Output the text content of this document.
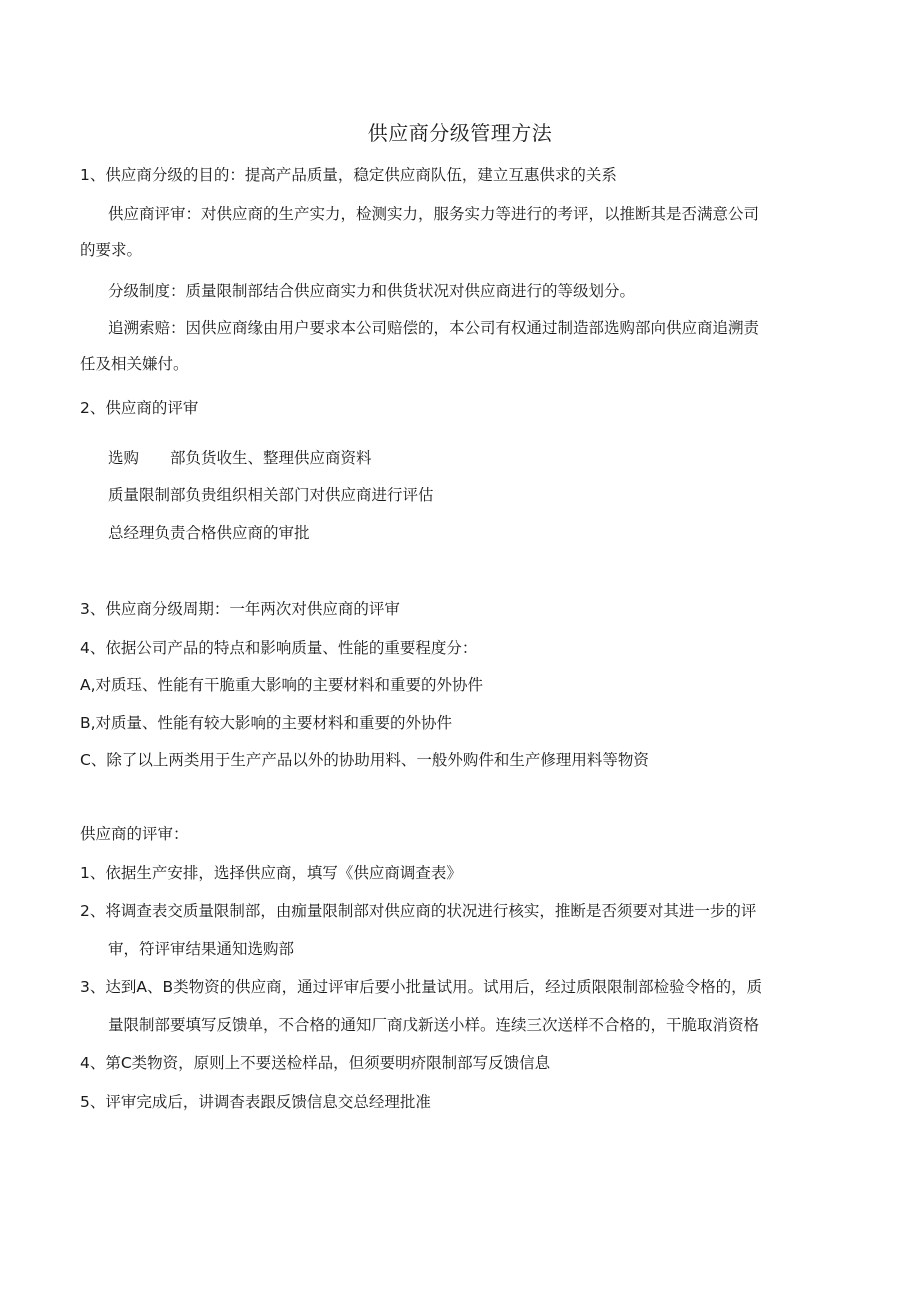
供应商分级管理方法
1、供应商分级的目的：提高产品质量，稳定供应商队伍，建立互惠供求的关系
供应商评审：对供应商的生产实力，检测实力，服务实力等进行的考评，以推断其是否满意公司
的要求。
分级制度：质量限制部结合供应商实力和供货状况对供应商进行的等级划分。
追溯索赔：因供应商缘由用户要求本公司赔偿的，本公司有权通过制造部选购部向供应商追溯责
任及相关嫌付。
2、供应商的评审
选购　　部负货收生、整理供应商资料
质量限制部负贵组织相关部门对供应商进行评估
总经理负责合格供应商的审批
3、供应商分级周期：一年两次对供应商的评审
4、依据公司产品的特点和影响质量、性能的重要程度分：
A,对质珏、性能有干脆重大影响的主要材料和重要的外协件
B,对质量、性能有较大影响的主要材料和重要的外协件
C、除了以上两类用于生产产品以外的协助用料、一般外购件和生产修理用料等物资
供应商的评审：
1、依据生产安排，选择供应商，填写《供应商调查表》
2、将调查表交质量限制部，由痂量限制部对供应商的状况进行核实，推断是否须要对其进一步的评
审，符评审结果通知选购部
3、达到A、B类物资的供应商，通过评审后要小批量试用。试用后，经过质限限制部检验令格的，质
量限制部要填写反馈单，不合格的通知厂商戊新送小样。连续三次送样不合格的，干脆取消资格
4、第C类物资，原则上不要送检样品，但须要明疥限制部写反馈信息
5、评审完成后，讲调杳表跟反馈信息交总经理批准
